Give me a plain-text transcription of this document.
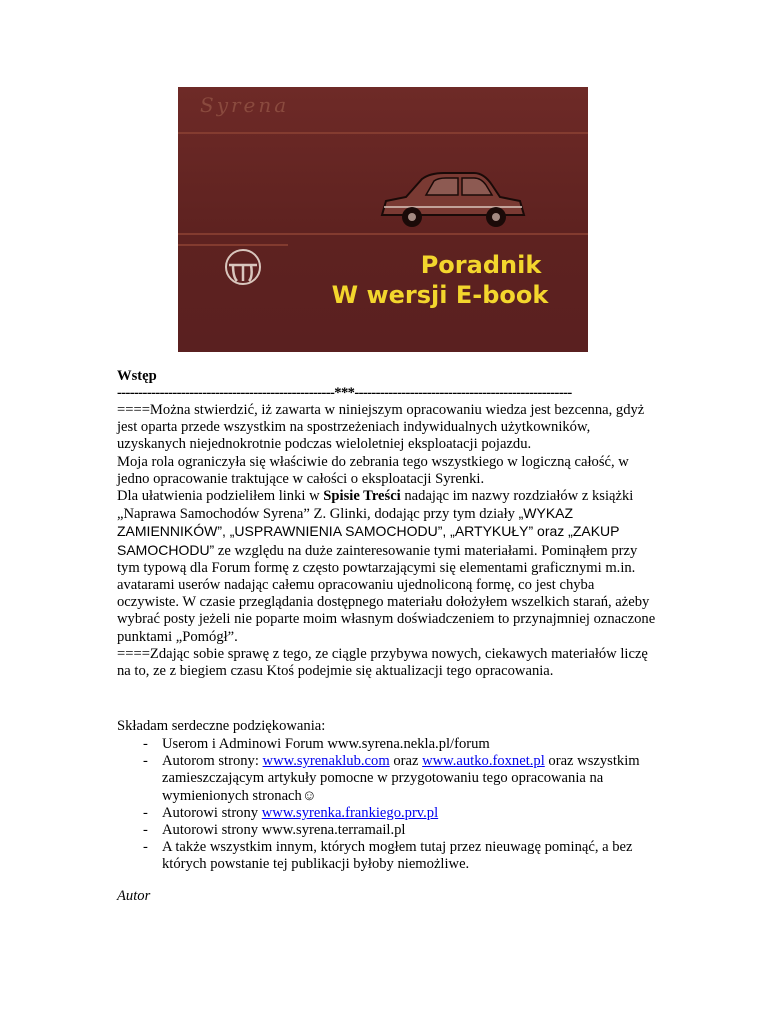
Syrena
Poradnik
W wersji E-book
Wstęp
---------------------------------------------------***---------------------------------------------------

====Można stwierdzić, iż zawarta w niniejszym opracowaniu wiedza jest bezcenna, gdyż jest oparta przede wszystkim na spostrzeżeniach indywidualnych użytkowników, uzyskanych niejednokrotnie podczas wieloletniej eksploatacji pojazdu.

Moja rola ograniczyła się właściwie do zebrania tego wszystkiego w logiczną całość, w jedno opracowanie traktujące w całości o eksploatacji Syrenki.

Dla ułatwienia podzieliłem linki w Spisie Treści nadając im nazwy rozdziałów z książki „Naprawa Samochodów Syrena” Z. Glinki, dodając przy tym działy „WYKAZ ZAMIENNIKÓW”, „USPRAWNIENIA SAMOCHODU”, „ARTYKUŁY” oraz „ZAKUP SAMOCHODU” ze względu na duże zainteresowanie tymi materiałami. Pominąłem przy tym typową dla Forum formę z często powtarzającymi się elementami graficznymi m.in. avatarami userów nadając całemu opracowaniu ujednoliconą formę, co jest chyba oczywiste. W czasie przeglądania dostępnego materiału dołożyłem wszelkich starań, ażeby wybrać posty jeżeli nie poparte moim własnym doświadczeniem to przynajmniej oznaczone punktami „Pomógł”.

====Zdając sobie sprawę z tego, ze ciągle przybywa nowych, ciekawych materiałów liczę na to, ze z biegiem czasu Ktoś podejmie się aktualizacji tego opracowania.

Składam serdeczne podziękowania:
- Userom i Adminowi Forum www.syrena.nekla.pl/forum
- Autorom strony: www.syrenaklub.com oraz www.autko.foxnet.pl oraz wszystkim zamieszczającym artykuły pomocne w przygotowaniu tego opracowania na wymienionych stronach☺
- Autorowi strony www.syrenka.frankiego.prv.pl
- Autorowi strony www.syrena.terramail.pl
- A także wszystkim innym, których mogłem tutaj przez nieuwagę pominąć, a bez których powstanie tej publikacji byłoby niemożliwe.
Autor
